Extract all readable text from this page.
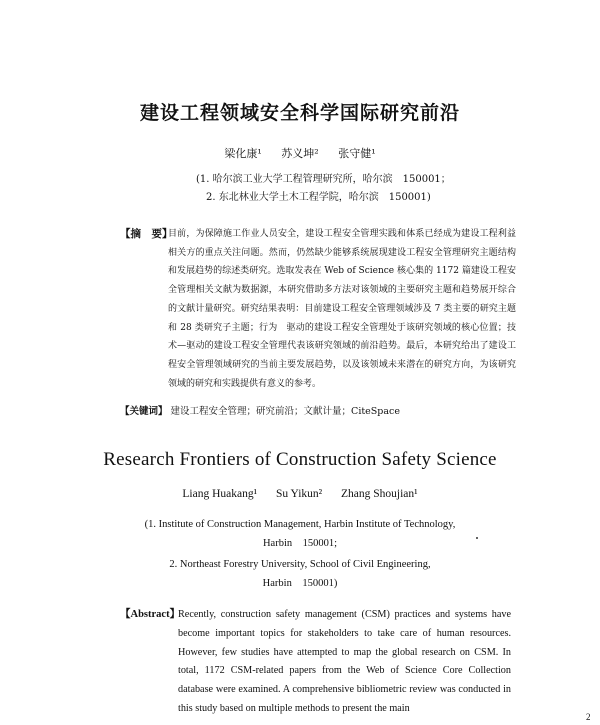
建设工程领域安全科学国际研究前沿
梁化康¹ 苏义坤² 张守健¹
(1. 哈尔滨工业大学工程管理研究所，哈尔滨　150001；
2. 东北林业大学土木工程学院，哈尔滨　150001)
【摘　要】
目前，为保障施工作业人员安全，建设工程安全管理实践和体系已经成为建设工程利益相关方的重点关注问题。然而，仍然缺少能够系统展现建设工程安全管理研究主题结构和发展趋势的综述类研究。选取发表在 Web of Science 核心集的 1172 篇建设工程安全管理相关文献为数据源，本研究借助多方法对该领域的主要研究主题和趋势展开综合的文献计量研究。研究结果表明：目前建设工程安全管理领域涉及 7 类主要的研究主题和 28 类研究子主题；行为　驱动的建设工程安全管理处于该研究领域的核心位置；技术—驱动的建设工程安全管理代表该研究领域的前沿趋势。最后，本研究给出了建设工程安全管理领域研究的当前主要发展趋势，以及该领域未来潜在的研究方向，为该研究领域的研究和实践提供有意义的参考。
【关键词】 建设工程安全管理；研究前沿；文献计量；CiteSpace
Research Frontiers of Construction Safety Science
Liang Huakang¹ Su Yikun² Zhang Shoujian¹
(1. Institute of Construction Management, Harbin Institute of Technology,
Harbin　150001;
2. Northeast Forestry University, School of Civil Engineering,
Harbin　150001)
【Abstract】
Recently, construction safety management (CSM) practices and systems have become important topics for stakeholders to take care of human resources. However, few studies have attempted to map the global research on CSM. In total, 1172 CSM-related papers from the Web of Science Core Collection database were examined. A comprehensive bibliometric review was conducted in this study based on multiple methods to present the main
2
